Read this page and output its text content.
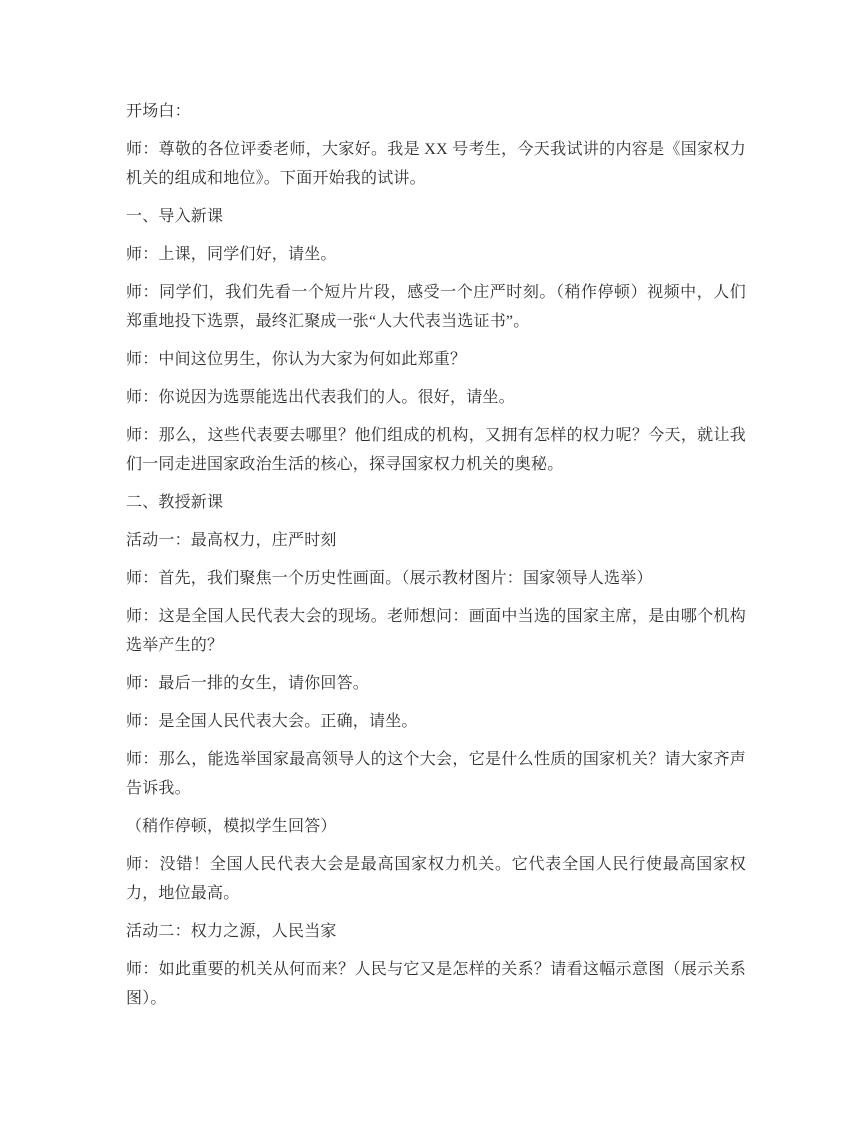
开场白：

师：尊敬的各位评委老师，大家好。我是 XX 号考生，今天我试讲的内容是《国家权力机关的组成和地位》。下面开始我的试讲。

一、导入新课

师：上课，同学们好，请坐。

师：同学们，我们先看一个短片片段，感受一个庄严时刻。（稍作停顿）视频中，人们郑重地投下选票，最终汇聚成一张“人大代表当选证书”。

师：中间这位男生，你认为大家为何如此郑重？

师：你说因为选票能选出代表我们的人。很好，请坐。

师：那么，这些代表要去哪里？他们组成的机构，又拥有怎样的权力呢？今天，就让我们一同走进国家政治生活的核心，探寻国家权力机关的奥秘。

二、教授新课

活动一：最高权力，庄严时刻

师：首先，我们聚焦一个历史性画面。（展示教材图片：国家领导人选举）

师：这是全国人民代表大会的现场。老师想问：画面中当选的国家主席，是由哪个机构选举产生的？

师：最后一排的女生，请你回答。

师：是全国人民代表大会。正确，请坐。

师：那么，能选举国家最高领导人的这个大会，它是什么性质的国家机关？请大家齐声告诉我。

（稍作停顿，模拟学生回答）

师：没错！全国人民代表大会是最高国家权力机关。它代表全国人民行使最高国家权力，地位最高。

活动二：权力之源，人民当家

师：如此重要的机关从何而来？人民与它又是怎样的关系？请看这幅示意图（展示关系图）。
